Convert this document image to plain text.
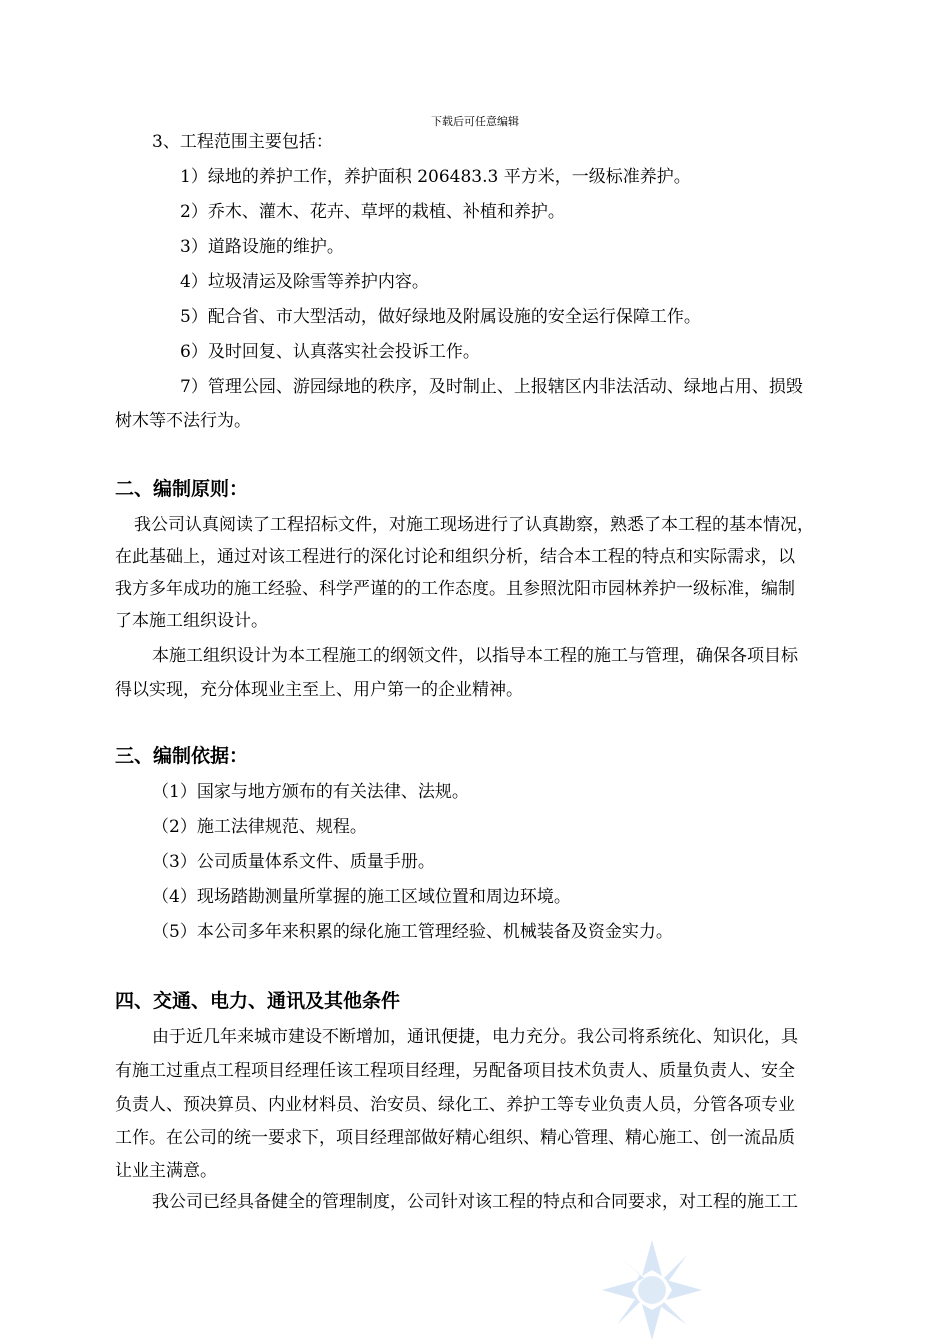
下载后可任意编辑
3、工程范围主要包括：
1）绿地的养护工作，养护面积 206483.3 平方米，一级标准养护。
2）乔木、灌木、花卉、草坪的栽植、补植和养护。
3）道路设施的维护。
4）垃圾清运及除雪等养护内容。
5）配合省、市大型活动，做好绿地及附属设施的安全运行保障工作。
6）及时回复、认真落实社会投诉工作。
7）管理公园、游园绿地的秩序，及时制止、上报辖区内非法活动、绿地占用、损毁
树木等不法行为。
二、编制原则：
我公司认真阅读了工程招标文件，对施工现场进行了认真勘察，熟悉了本工程的基本情况，
在此基础上，通过对该工程进行的深化讨论和组织分析，结合本工程的特点和实际需求，以
我方多年成功的施工经验、科学严谨的的工作态度。且参照沈阳市园林养护一级标准，编制
了本施工组织设计。
本施工组织设计为本工程施工的纲领文件，以指导本工程的施工与管理，确保各项目标
得以实现，充分体现业主至上、用户第一的企业精神。
三、编制依据：
（1）国家与地方颁布的有关法律、法规。
（2）施工法律规范、规程。
（3）公司质量体系文件、质量手册。
（4）现场踏勘测量所掌握的施工区域位置和周边环境。
（5）本公司多年来积累的绿化施工管理经验、机械装备及资金实力。
四、交通、电力、通讯及其他条件
由于近几年来城市建设不断增加，通讯便捷，电力充分。我公司将系统化、知识化，具
有施工过重点工程项目经理任该工程项目经理，另配备项目技术负责人、质量负责人、安全
负责人、预决算员、内业材料员、治安员、绿化工、养护工等专业负责人员，分管各项专业
工作。在公司的统一要求下，项目经理部做好精心组织、精心管理、精心施工、创一流品质
让业主满意。
我公司已经具备健全的管理制度，公司针对该工程的特点和合同要求，对工程的施工工
